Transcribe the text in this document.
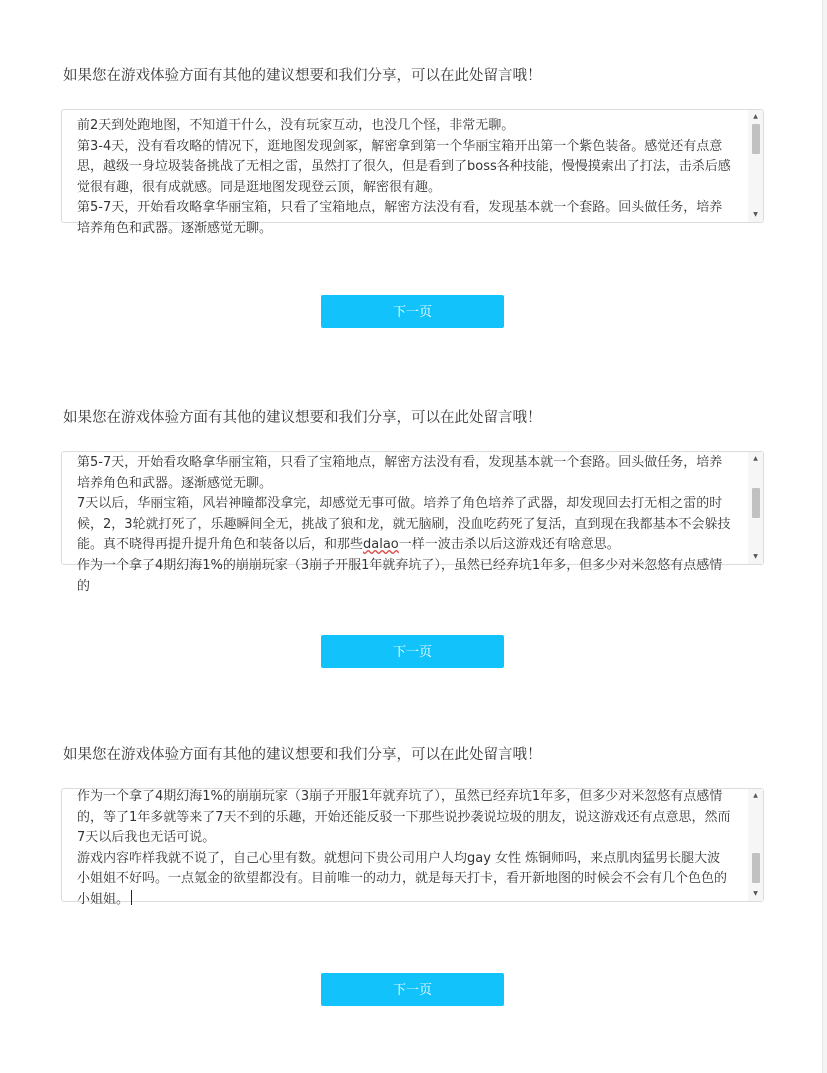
如果您在游戏体验方面有其他的建议想要和我们分享，可以在此处留言哦！
前2天到处跑地图，不知道干什么，没有玩家互动，也没几个怪，非常无聊。
第3-4天，没有看攻略的情况下，逛地图发现剑冢，解密拿到第一个华丽宝箱开出第一个紫色装备。感觉还有点意思，越级一身垃圾装备挑战了无相之雷，虽然打了很久，但是看到了boss各种技能，慢慢摸索出了打法，击杀后感觉很有趣，很有成就感。同是逛地图发现登云顶，解密很有趣。
第5-7天，开始看攻略拿华丽宝箱，只看了宝箱地点，解密方法没有看，发现基本就一个套路。回头做任务，培养培养角色和武器。逐渐感觉无聊。
▲
▼
下一页
如果您在游戏体验方面有其他的建议想要和我们分享，可以在此处留言哦！
第5-7天，开始看攻略拿华丽宝箱，只看了宝箱地点，解密方法没有看，发现基本就一个套路。回头做任务，培养培养角色和武器。逐渐感觉无聊。
7天以后，华丽宝箱，风岩神瞳都没拿完，却感觉无事可做。培养了角色培养了武器，却发现回去打无相之雷的时候，2，3轮就打死了，乐趣瞬间全无，挑战了狼和龙，就无脑刷，没血吃药死了复活，直到现在我都基本不会躲技能。真不晓得再提升提升角色和装备以后，和那些dalao一样一波击杀以后这游戏还有啥意思。
作为一个拿了4期幻海1%的崩崩玩家（3崩子开服1年就弃坑了），虽然已经弃坑1年多，但多少对米忽悠有点感情的
▲
▼
下一页
如果您在游戏体验方面有其他的建议想要和我们分享，可以在此处留言哦！
作为一个拿了4期幻海1%的崩崩玩家（3崩子开服1年就弃坑了），虽然已经弃坑1年多，但多少对米忽悠有点感情的，等了1年多就等来了7天不到的乐趣，开始还能反驳一下那些说抄袭说垃圾的朋友，说这游戏还有点意思，然而7天以后我也无话可说。
游戏内容咋样我就不说了，自己心里有数。就想问下贵公司用户人均gay 女性 炼铜师吗，来点肌肉猛男长腿大波小姐姐不好吗。一点氪金的欲望都没有。目前唯一的动力，就是每天打卡，看开新地图的时候会不会有几个色色的小姐姐。
▲
▼
下一页
